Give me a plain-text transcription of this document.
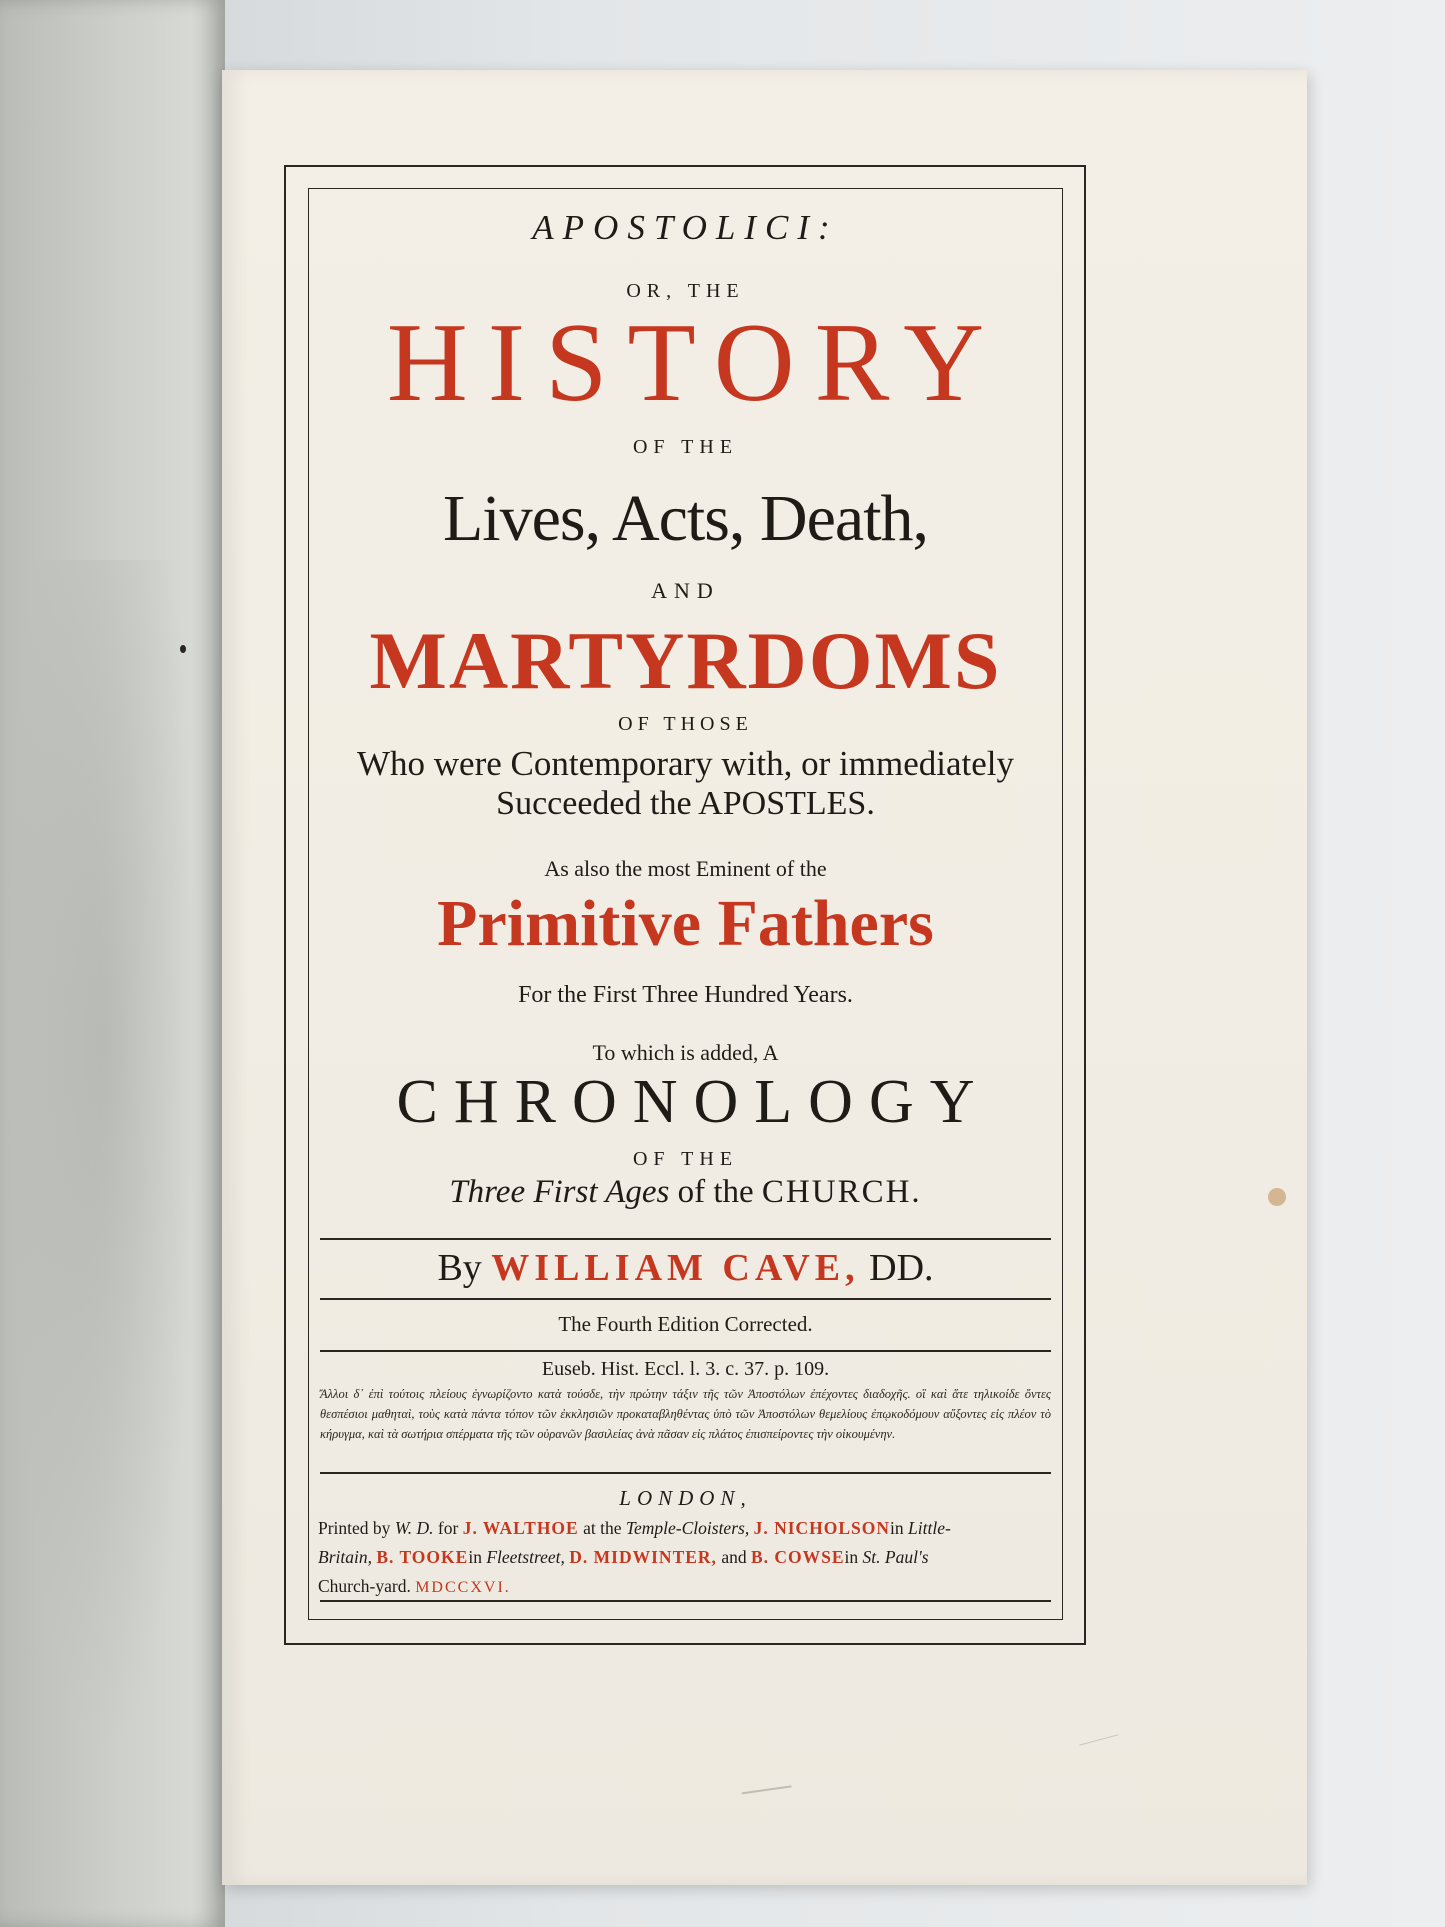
APOSTOLICI:
OR, THE
HISTORY
OF THE
Lives, Acts, Death,
AND
MARTYRDOMS
OF THOSE
Who were Contemporary with, or immediately
Succeeded the APOSTLES.
As also the most Eminent of the
Primitive Fathers
For the First Three Hundred Years.
To which is added, A
CHRONOLOGY
OF THE
Three First Ages of the CHURCH.
By WILLIAM CAVE, DD.
The Fourth Edition Corrected.
Euseb. Hist. Eccl. l. 3. c. 37. p. 109.
Ἄλλοι δ᾽ ἐπὶ τούτοις πλείους ἐγνωρίζοντο κατὰ τούσδε, τὴν πρώτην τάξιν τῆς τῶν Ἀποστόλων ἐπέχοντες διαδοχῆς. οἳ καὶ ἅτε τηλικοίδε ὄντες θεσπέσιοι μαθηταὶ, τοὺς κατὰ πάντα τόπον τῶν ἐκκλησιῶν προκαταβληθέντας ὑπὸ τῶν Ἀποστόλων θεμελίους ἐπῳκοδόμουν αὔξοντες εἰς πλέον τὸ κήρυγμα, καὶ τὰ σωτήρια σπέρματα τῆς τῶν οὐρανῶν βασιλείας ἀνὰ πᾶσαν εἰς πλάτος ἐπισπείροντες τὴν οἰκουμένην.
LONDON,
Printed by W. D. for J. WALTHOE at the Temple-Cloisters, J. NICHOLSONin Little-
Britain, B. TOOKEin Fleetstreet, D. MIDWINTER, and B. COWSEin St. Paul's
Church-yard. MDCCXVI.
